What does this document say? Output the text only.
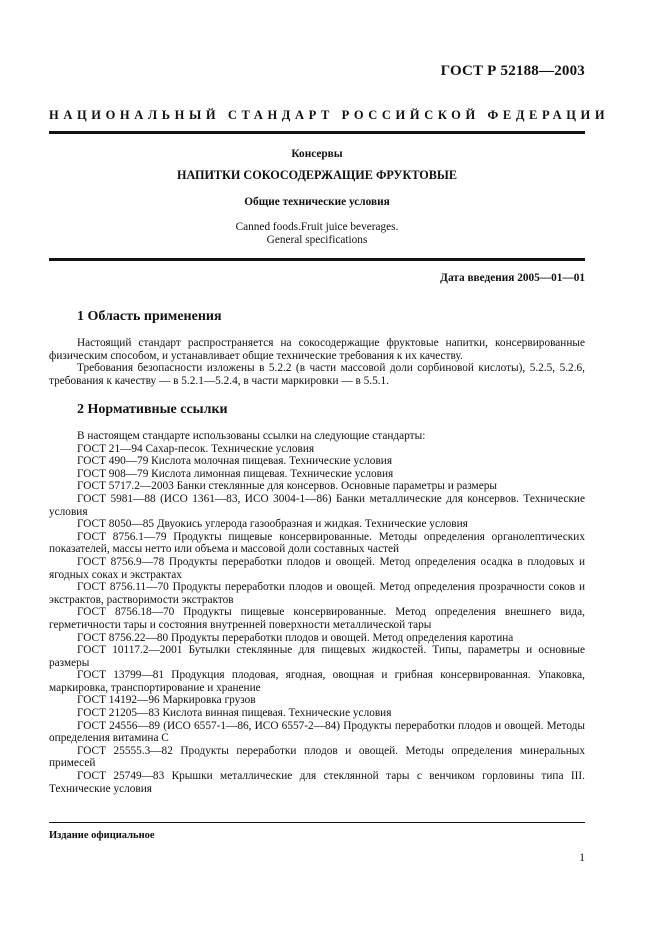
ГОСТ Р 52188—2003
НАЦИОНАЛЬНЫЙ СТАНДАРТ РОССИЙСКОЙ ФЕДЕРАЦИИ
Консервы
НАПИТКИ СОКОСОДЕРЖАЩИЕ ФРУКТОВЫЕ
Общие технические условия
Canned foods.Fruit juice beverages.
General specifications
Дата введения 2005—01—01
1 Область применения

Настоящий стандарт распространяется на сокосодержащие фруктовые напитки, консервированные физическим способом, и устанавливает общие технические требования к их качеству.

Требования безопасности изложены в 5.2.2 (в части массовой доли сорбиновой кислоты), 5.2.5, 5.2.6, требования к качеству — в 5.2.1—5.2.4, в части маркировки — в 5.5.1.

2 Нормативные ссылки

В настоящем стандарте использованы ссылки на следующие стандарты:

ГОСТ 21—94 Сахар-песок. Технические условия

ГОСТ 490—79 Кислота молочная пищевая. Технические условия

ГОСТ 908—79 Кислота лимонная пищевая. Технические условия

ГОСТ 5717.2—2003 Банки стеклянные для консервов. Основные параметры и размеры

ГОСТ 5981—88 (ИСО 1361—83, ИСО 3004-1—86) Банки металлические для консервов. Технические условия

ГОСТ 8050—85 Двуокись углерода газообразная и жидкая. Технические условия

ГОСТ 8756.1—79 Продукты пищевые консервированные. Методы определения органолептических показателей, массы нетто или объема и массовой доли составных частей

ГОСТ 8756.9—78 Продукты переработки плодов и овощей. Метод определения осадка в плодовых и ягодных соках и экстрактах

ГОСТ 8756.11—70 Продукты переработки плодов и овощей. Метод определения прозрачности соков и экстрактов, растворимости экстрактов

ГОСТ 8756.18—70 Продукты пищевые консервированные. Метод определения внешнего вида, герметичности тары и состояния внутренней поверхности металлической тары

ГОСТ 8756.22—80 Продукты переработки плодов и овощей. Метод определения каротина

ГОСТ 10117.2—2001 Бутылки стеклянные для пищевых жидкостей. Типы, параметры и основные размеры

ГОСТ 13799—81 Продукция плодовая, ягодная, овощная и грибная консервированная. Упаковка, маркировка, транспортирование и хранение

ГОСТ 14192—96 Маркировка грузов

ГОСТ 21205—83 Кислота винная пищевая. Технические условия

ГОСТ 24556—89 (ИСО 6557-1—86, ИСО 6557-2—84) Продукты переработки плодов и овощей. Методы определения витамина С

ГОСТ 25555.3—82 Продукты переработки плодов и овощей. Методы определения минеральных примесей

ГОСТ 25749—83 Крышки металлические для стеклянной тары с венчиком горловины типа III. Технические условия

Издание официальное
1
